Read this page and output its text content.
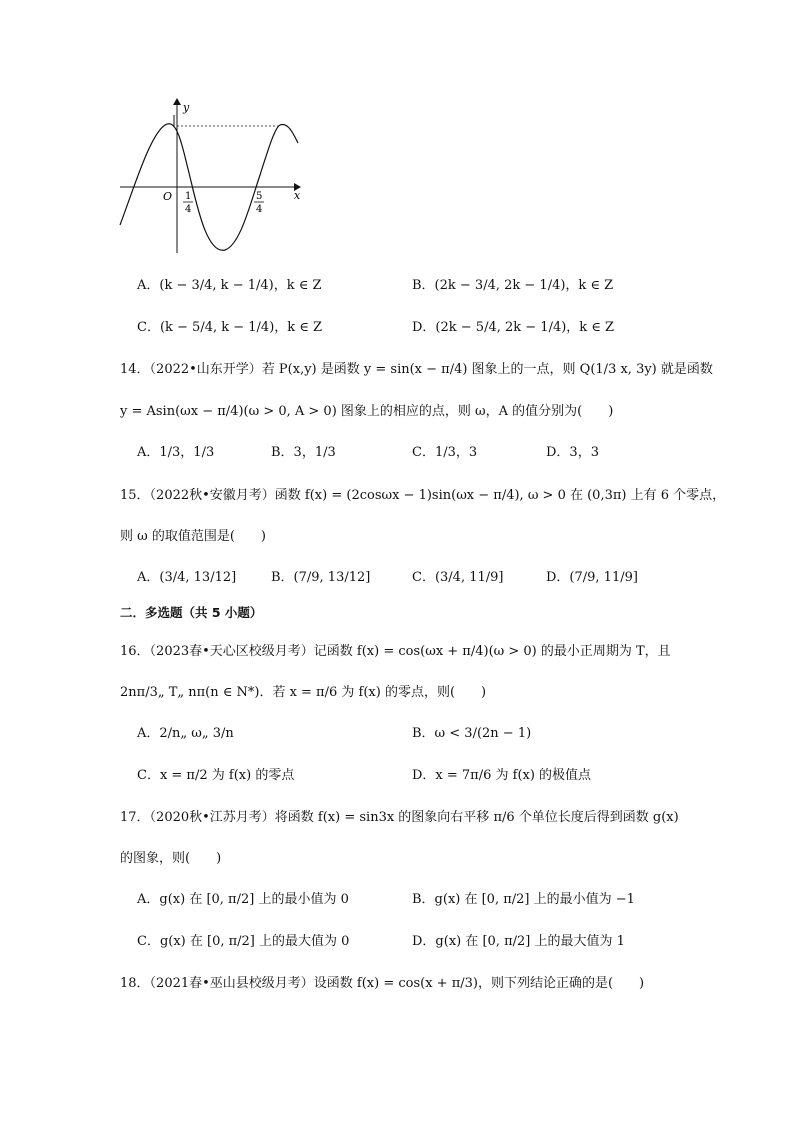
y
x
O 1
4
5
4
A．(k − 3/4, k − 1/4)，k ∈ Z	B．(2k − 3/4, 2k − 1/4)，k ∈ Z
C．(k − 5/4, k − 1/4)，k ∈ Z	D．(2k − 5/4, 2k − 1/4)，k ∈ Z
14．（2022•山东开学）若 P(x,y) 是函数 y = sin(x − π/4) 图象上的一点，则 Q(1/3 x, 3y) 就是函数
y = Asin(ωx − π/4)(ω > 0, A > 0) 图象上的相应的点，则 ω，A 的值分别为(　　)
A．1/3，1/3	B．3，1/3	C．1/3，3	D．3，3
15．（2022秋•安徽月考）函数 f(x) = (2cosωx − 1)sin(ωx − π/4), ω > 0 在 (0,3π) 上有 6 个零点，
则 ω 的取值范围是(　　)
A．(3/4, 13/12]	B．(7/9, 13/12]	C．(3/4, 11/9]	D．(7/9, 11/9]
二．多选题（共 5 小题）
16．（2023春•天心区校级月考）记函数 f(x) = cos(ωx + π/4)(ω > 0) 的最小正周期为 T，且
2nπ/3„ T„ nπ(n ∈ N*)．若 x = π/6 为 f(x) 的零点，则(　　)
A．2/n„ ω„ 3/n	B．ω < 3/(2n − 1)
C．x = π/2 为 f(x) 的零点	D．x = 7π/6 为 f(x) 的极值点
17．（2020秋•江苏月考）将函数 f(x) = sin3x 的图象向右平移 π/6 个单位长度后得到函数 g(x)
的图象，则(　　)
A．g(x) 在 [0, π/2] 上的最小值为 0	B．g(x) 在 [0, π/2] 上的最小值为 −1
C．g(x) 在 [0, π/2] 上的最大值为 0	D．g(x) 在 [0, π/2] 上的最大值为 1
18．（2021春•巫山县校级月考）设函数 f(x) = cos(x + π/3)，则下列结论正确的是(　　)
